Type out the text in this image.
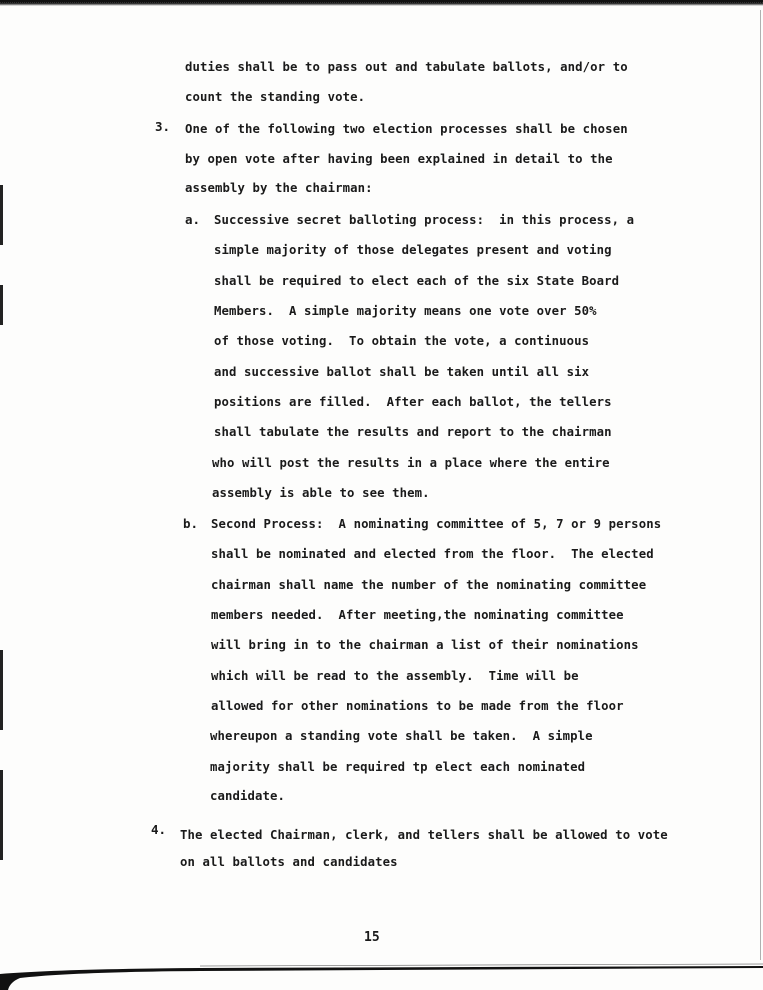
duties shall be to pass out and tabulate ballots, and/or to
count the standing vote.
3. One of the following two election processes shall be chosen
by open vote after having been explained in detail to the
assembly by the chairman:
a. Successive secret balloting process:  in this process, a
simple majority of those delegates present and voting
shall be required to elect each of the six State Board
Members.  A simple majority means one vote over 50%
of those voting.  To obtain the vote, a continuous
and successive ballot shall be taken until all six
positions are filled.  After each ballot, the tellers
shall tabulate the results and report to the chairman
who will post the results in a place where the entire
assembly is able to see them.
b. Second Process:  A nominating committee of 5, 7 or 9 persons
shall be nominated and elected from the floor.  The elected
chairman shall name the number of the nominating committee
members needed.  After meeting,the nominating committee
will bring in to the chairman a list of their nominations
which will be read to the assembly.  Time will be
allowed for other nominations to be made from the floor
whereupon a standing vote shall be taken.  A simple
majority shall be required tp elect each nominated
candidate.
4. The elected Chairman, clerk, and tellers shall be allowed to vote
on all ballots and candidates
15
